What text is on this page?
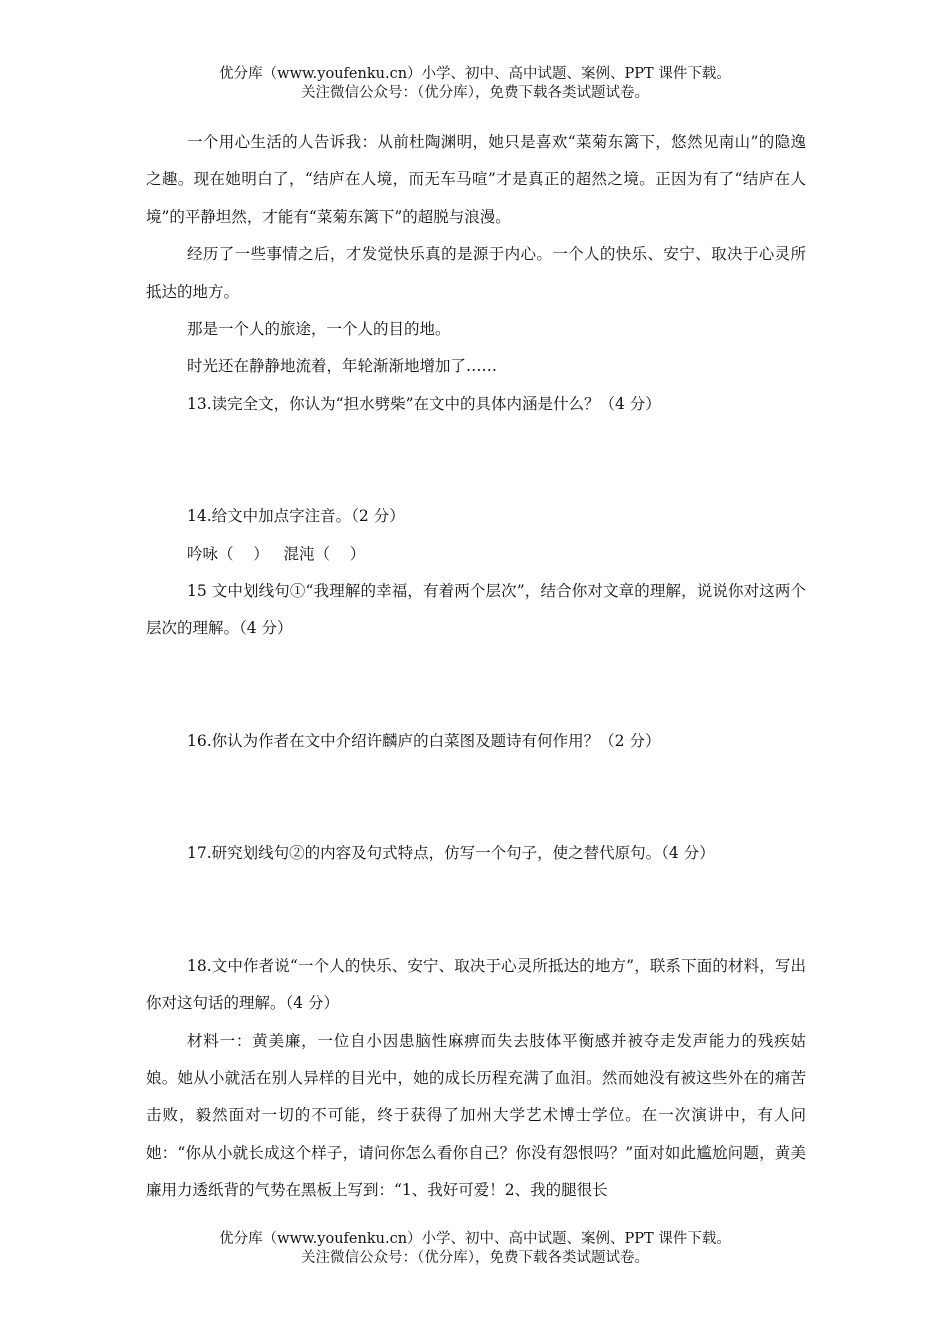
优分库（www.youfenku.cn）小学、初中、高中试题、案例、PPT 课件下载。
关注微信公众号：（优分库），免费下载各类试题试卷。

一个用心生活的人告诉我：从前杜陶渊明，她只是喜欢“菜菊东篱下，悠然见南山”的隐逸之趣。现在她明白了，“结庐在人境，而无车马喧”才是真正的超然之境。正因为有了“结庐在人境”的平静坦然，才能有“菜菊东篱下”的超脱与浪漫。

经历了一些事情之后，才发觉快乐真的是源于内心。一个人的快乐、安宁、取决于心灵所抵达的地方。

那是一个人的旅途，一个人的目的地。

时光还在静静地流着，年轮渐渐地增加了……

13.读完全文，你认为“担水劈柴”在文中的具体内涵是什么？（4 分）

14.给文中加点字注音。（2 分）

吟咏（    ）   混沌（    ）

15 文中划线句①“我理解的幸福，有着两个层次”，结合你对文章的理解，说说你对这两个层次的理解。（4 分）

16.你认为作者在文中介绍许麟庐的白菜图及题诗有何作用？（2 分）

17.研究划线句②的内容及句式特点，仿写一个句子，使之替代原句。（4 分）

18.文中作者说“一个人的快乐、安宁、取决于心灵所抵达的地方”，联系下面的材料，写出你对这句话的理解。（4 分）

材料一：黄美廉，一位自小因患脑性麻痹而失去肢体平衡感并被夺走发声能力的残疾姑娘。她从小就活在别人异样的目光中，她的成长历程充满了血泪。然而她没有被这些外在的痛苦击败，毅然面对一切的不可能，终于获得了加州大学艺术博士学位。在一次演讲中，有人问她：“你从小就长成这个样子，请问你怎么看你自己？你没有怨恨吗？”面对如此尴尬问题，黄美廉用力透纸背的气势在黑板上写到：“1、我好可爱！2、我的腿很长

优分库（www.youfenku.cn）小学、初中、高中试题、案例、PPT 课件下载。
关注微信公众号：（优分库），免费下载各类试题试卷。
